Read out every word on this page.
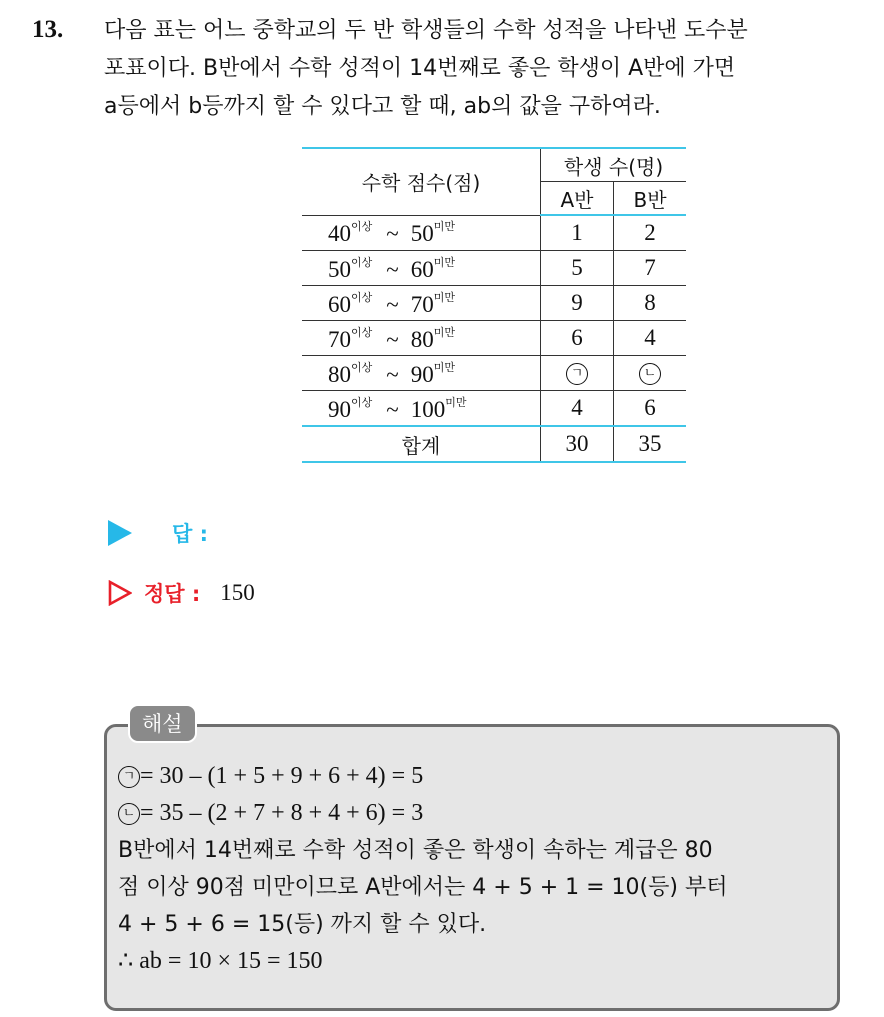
13. 다음 표는 어느 중학교의 두 반 학생들의 수학 성적을 나타낸 도수분
포표이다. B반에서 수학 성적이 14번째로 좋은 학생이 A반에 가면
a등에서 b등까지 할 수 있다고 할 때, ab의 값을 구하여라.
수학 점수(점)	학생 수(명)	
	A반	B반
$40^{이상}$ ~ $50^{미만}$	1	2
$50^{이상}$ ~ $60^{미만}$	5	7
$60^{이상}$ ~ $70^{미만}$	9	8
$70^{이상}$ ~ $80^{미만}$	6	4
$80^{이상}$ ~ $90^{미만}$	ㄱ	ㄴ
$90^{이상}$ ~ $100^{미만}$	4	6
합계	30	35
답 :
정답 : 150
해설
ㄱ = 30 – (1 + 5 + 9 + 6 + 4) = 5
ㄴ = 35 – (2 + 7 + 8 + 4 + 6) = 3
B반에서 14번째로 수학 성적이 좋은 학생이 속하는 계급은 80
점 이상 90점 미만이므로 A반에서는 4 + 5 + 1 = 10(등) 부터
4 + 5 + 6 = 15(등) 까지 할 수 있다.
∴ ab = 10 × 15 = 150
